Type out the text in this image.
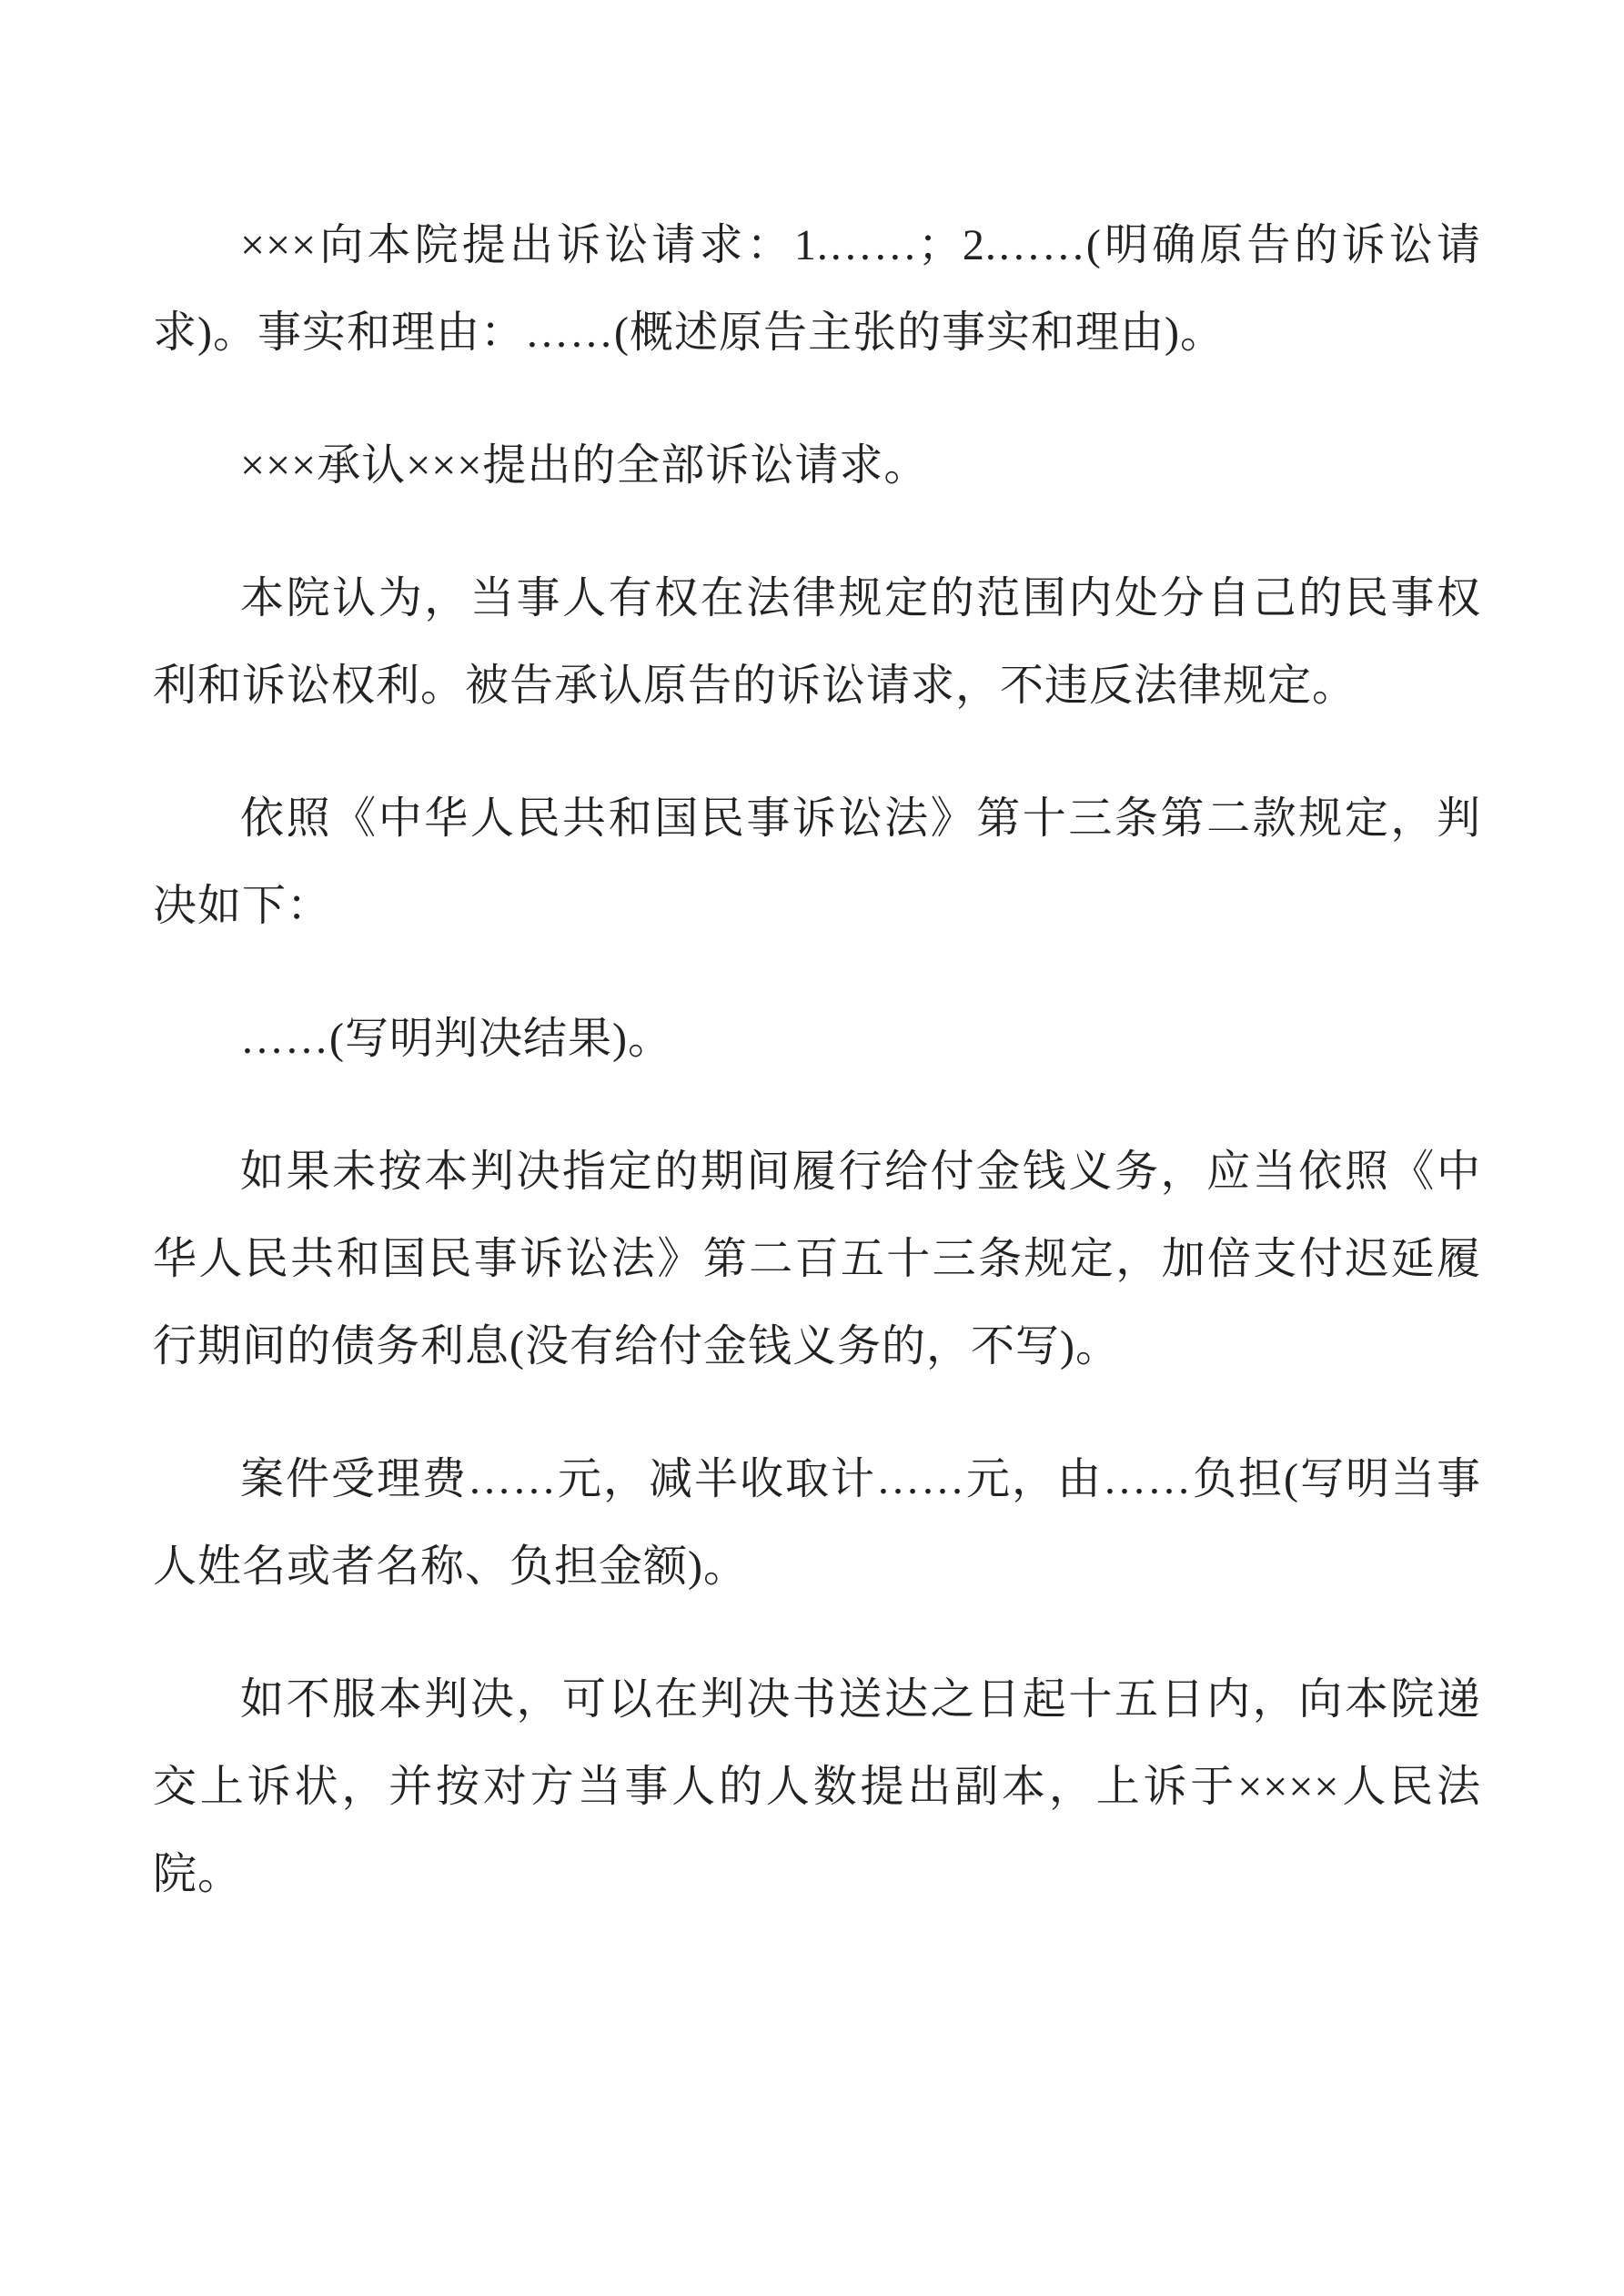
×××向本院提出诉讼请求：1.……；2.……(明确原告的诉讼请求)。事实和理由：……(概述原告主张的事实和理由)。

×××承认×××提出的全部诉讼请求。

本院认为，当事人有权在法律规定的范围内处分自己的民事权利和诉讼权利。被告承认原告的诉讼请求，不违反法律规定。

依照《中华人民共和国民事诉讼法》第十三条第二款规定，判决如下：

……(写明判决结果)。

如果未按本判决指定的期间履行给付金钱义务，应当依照《中华人民共和国民事诉讼法》第二百五十三条规定，加倍支付迟延履行期间的债务利息(没有给付金钱义务的，不写)。

案件受理费……元，减半收取计……元，由……负担(写明当事人姓名或者名称、负担金额)。

如不服本判决，可以在判决书送达之日起十五日内，向本院递交上诉状，并按对方当事人的人数提出副本，上诉于××××人民法院。
